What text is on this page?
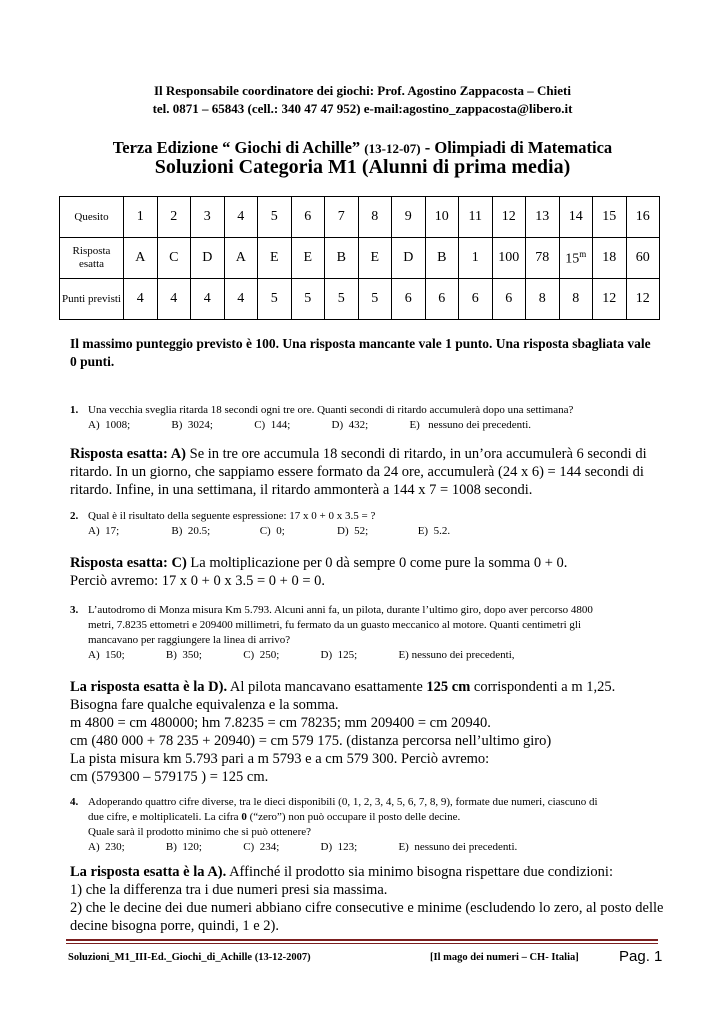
Il Responsabile coordinatore dei giochi: Prof. Agostino Zappacosta – Chieti
tel. 0871 – 65843 (cell.: 340 47 47 952) e-mail:agostino_zappacosta@libero.it
Terza Edizione “ Giochi di Achille” (13-12-07) - Olimpiadi di Matematica
Soluzioni Categoria M1 (Alunni di prima media)
Quesito	1	2	3	4	5	6	7	8	9	10	11	12	13	14	15	16
Risposta esatta	A	C	D	A	E	E	B	E	D	B	1	100	78	15$^m$	18	60
Punti previsti	4	4	4	4	5	5	5	5	6	6	6	6	8	8	12	12
Il massimo punteggio previsto è 100. Una risposta mancante vale 1 punto. Una risposta sbagliata vale 0 punti.
1. Una vecchia sveglia ritarda 18 secondi ogni tre ore. Quanti secondi di ritardo accumulerà dopo una settimana?
A)  1008;               B)  3024;               C)  144;               D)  432;               E)   nessuno dei precedenti.
Risposta esatta: A) Se in tre ore accumula 18 secondi di ritardo, in un’ora accumulerà 6 secondi di ritardo. In un giorno, che sappiamo essere formato da 24 ore, accumulerà (24 x 6) = 144 secondi di ritardo. Infine, in una settimana, il ritardo ammonterà a 144 x 7 = 1008 secondi.
2. Qual è il risultato della seguente espressione: 17 x 0 + 0 x 3.5 = ?
A)  17;                   B)  20.5;                  C)  0;                   D)  52;                  E)  5.2.
Risposta esatta: C) La moltiplicazione per 0 dà sempre 0 come pure la somma 0 + 0.
Perciò avremo: 17 x 0 + 0 x 3.5 = 0 + 0 = 0.
3. L’autodromo di Monza misura Km 5.793. Alcuni anni fa, un pilota, durante l’ultimo giro, dopo aver percorso 4800
metri, 7.8235 ettometri e 209400 millimetri, fu fermato da un guasto meccanico al motore. Quanti centimetri gli
mancavano per raggiungere la linea di arrivo?
A)  150;               B)  350;               C)  250;               D)  125;               E) nessuno dei precedenti,
La risposta esatta è la D). Al pilota mancavano esattamente 125 cm corrispondenti a m 1,25.
Bisogna fare qualche equivalenza e la somma.
m 4800 = cm 480000; hm 7.8235 = cm 78235; mm 209400 = cm 20940.
cm (480 000 + 78 235 + 20940) = cm 579 175. (distanza percorsa nell’ultimo giro)
La pista misura km 5.793 pari a m 5793 e a cm 579 300. Perciò avremo:
cm (579300 – 579175 ) = 125 cm.
4. Adoperando quattro cifre diverse, tra le dieci disponibili (0, 1, 2, 3, 4, 5, 6, 7, 8, 9), formate due numeri, ciascuno di
due cifre, e moltiplicateli. La cifra 0 (“zero”) non può occupare il posto delle decine.
Quale sarà il prodotto minimo che si può ottenere?
A)  230;               B)  120;               C)  234;               D)  123;               E)  nessuno dei precedenti.
La risposta esatta è la A). Affinché il prodotto sia minimo bisogna rispettare due condizioni:
1) che la differenza tra i due numeri presi sia massima.
2) che le decine dei due numeri abbiano cifre consecutive e minime (escludendo lo zero, al posto delle decine bisogna porre, quindi, 1 e 2).
Soluzioni_M1_III-Ed._Giochi_di_Achille (13-12-2007)	[Il mago dei numeri – CH- Italia]	Pag. 1
